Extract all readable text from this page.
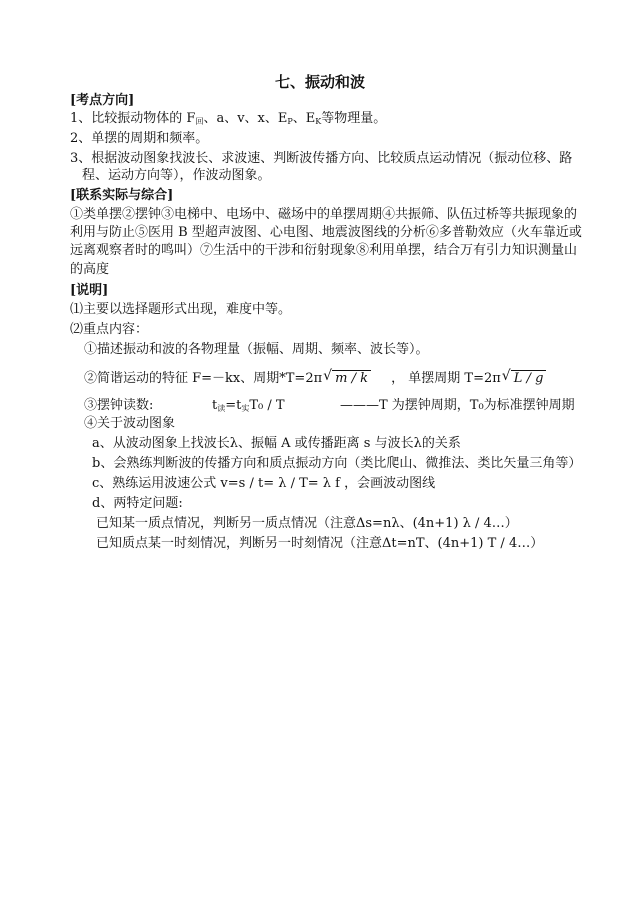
七、振动和波
[考点方向]
1、比较振动物体的 $F_回$、a、v、x、$E_P$、$E_K$等物理量。
2、单摆的周期和频率。
3、根据波动图象找波长、求波速、判断波传播方向、比较质点运动情况（振动位移、路
程、运动方向等），作波动图象。
[联系实际与综合]
①类单摆②摆钟③电梯中、电场中、磁场中的单摆周期④共振筛、队伍过桥等共振现象的
利用与防止⑤医用 B 型超声波图、心电图、地震波图线的分析⑥多普勒效应（火车靠近或
远离观察者时的鸣叫）⑦生活中的干涉和衍射现象⑧利用单摆，结合万有引力知识测量山
的高度
[说明]
⑴主要以选择题形式出现，难度中等。
⑵重点内容：
①描述振动和波的各物理量（振幅、周期、频率、波长等）。
②简谐运动的特征 F=－kx、周期*T=2π √ m / k ， 单摆周期 T=2π √ L / g
③摆钟读数:	$t_读=t_实T_0 / T$	———T 为摆钟周期，T₀为标准摆钟周期
④关于波动图象
a、从波动图象上找波长λ、振幅 A 或传播距离 s 与波长λ的关系
b、会熟练判断波的传播方向和质点振动方向（类比爬山、微推法、类比矢量三角等）
c、熟练运用波速公式 v=s / t= λ / T= λ f ，会画波动图线
d、两特定问题:
已知某一质点情况，判断另一质点情况（注意Δs=nλ、(4n+1) λ / 4…）
已知质点某一时刻情况，判断另一时刻情况（注意Δt=nT、(4n+1) T / 4…）
